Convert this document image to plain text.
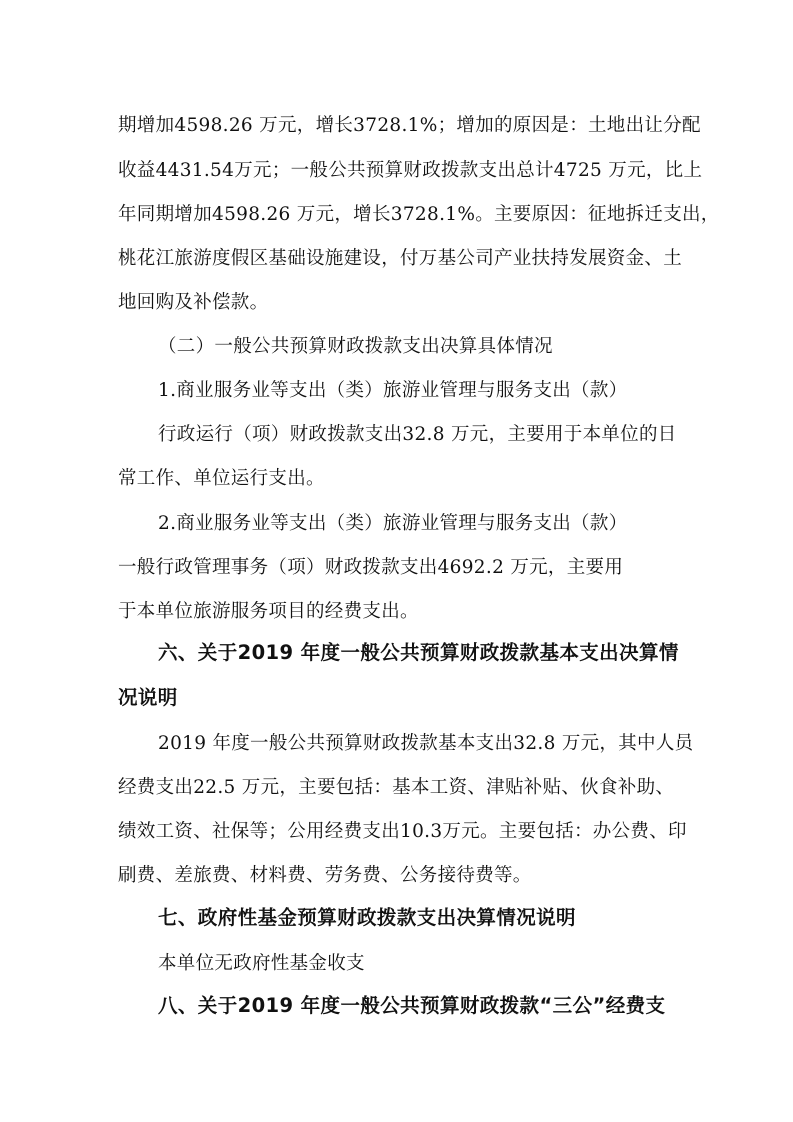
期增加4598.26 万元，增长3728.1%；增加的原因是：土地出让分配
收益4431.54万元；一般公共预算财政拨款支出总计4725 万元，比上
年同期增加4598.26 万元，增长3728.1%。主要原因：征地拆迁支出，
桃花江旅游度假区基础设施建设，付万基公司产业扶持发展资金、土
地回购及补偿款。
（二）一般公共预算财政拨款支出决算具体情况
1.商业服务业等支出（类）旅游业管理与服务支出（款）
行政运行（项）财政拨款支出32.8 万元，主要用于本单位的日
常工作、单位运行支出。
2.商业服务业等支出（类）旅游业管理与服务支出（款）
一般行政管理事务（项）财政拨款支出4692.2 万元，主要用
于本单位旅游服务项目的经费支出。
六、关于2019 年度一般公共预算财政拨款基本支出决算情
况说明
2019 年度一般公共预算财政拨款基本支出32.8 万元，其中人员
经费支出22.5 万元，主要包括：基本工资、津贴补贴、伙食补助、
绩效工资、社保等；公用经费支出10.3万元。主要包括：办公费、印
刷费、差旅费、材料费、劳务费、公务接待费等。
七、政府性基金预算财政拨款支出决算情况说明
本单位无政府性基金收支
八、关于2019 年度一般公共预算财政拨款“三公”经费支
